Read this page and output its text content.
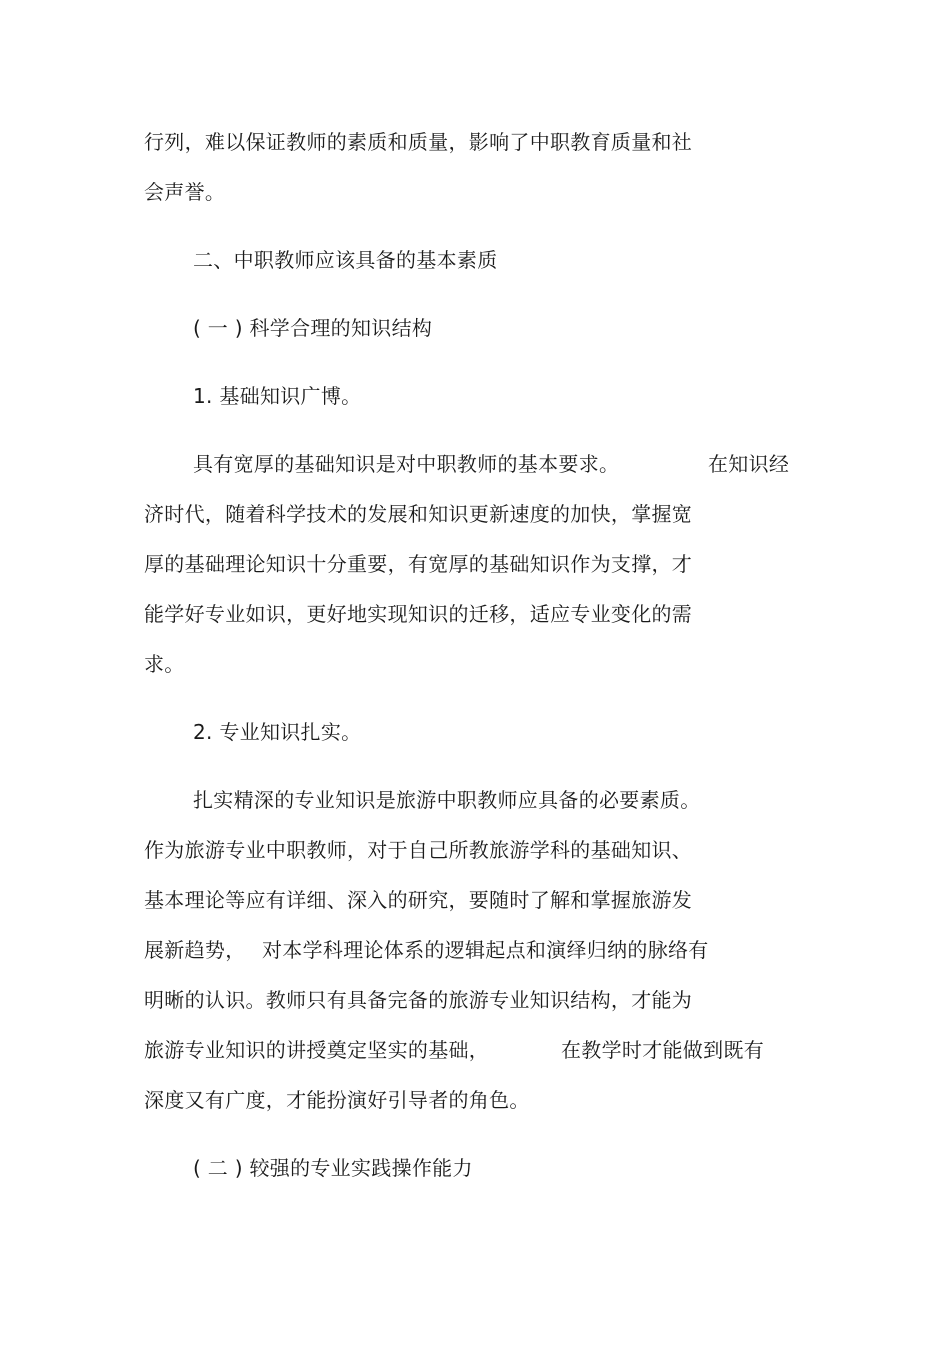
行列，难以保证教师的素质和质量，影响了中职教育质量和社
会声誉。
二、中职教师应该具备的基本素质
( 一 ) 科学合理的知识结构
1. 基础知识广博。
具有宽厚的基础知识是对中职教师的基本要求。	在知识经
济时代，随着科学技术的发展和知识更新速度的加快，掌握宽
厚的基础理论知识十分重要，有宽厚的基础知识作为支撑，才
能学好专业如识，更好地实现知识的迁移，适应专业变化的需
求。
2. 专业知识扎实。
扎实精深的专业知识是旅游中职教师应具备的必要素质。
作为旅游专业中职教师，对于自己所教旅游学科的基础知识、
基本理论等应有详细、深入的研究，要随时了解和掌握旅游发
展新趋势， 对本学科理论体系的逻辑起点和演绎归纳的脉络有
明晰的认识。教师只有具备完备的旅游专业知识结构，才能为
旅游专业知识的讲授奠定坚实的基础，	在教学时才能做到既有
深度又有广度，才能扮演好引导者的角色。
( 二 ) 较强的专业实践操作能力
